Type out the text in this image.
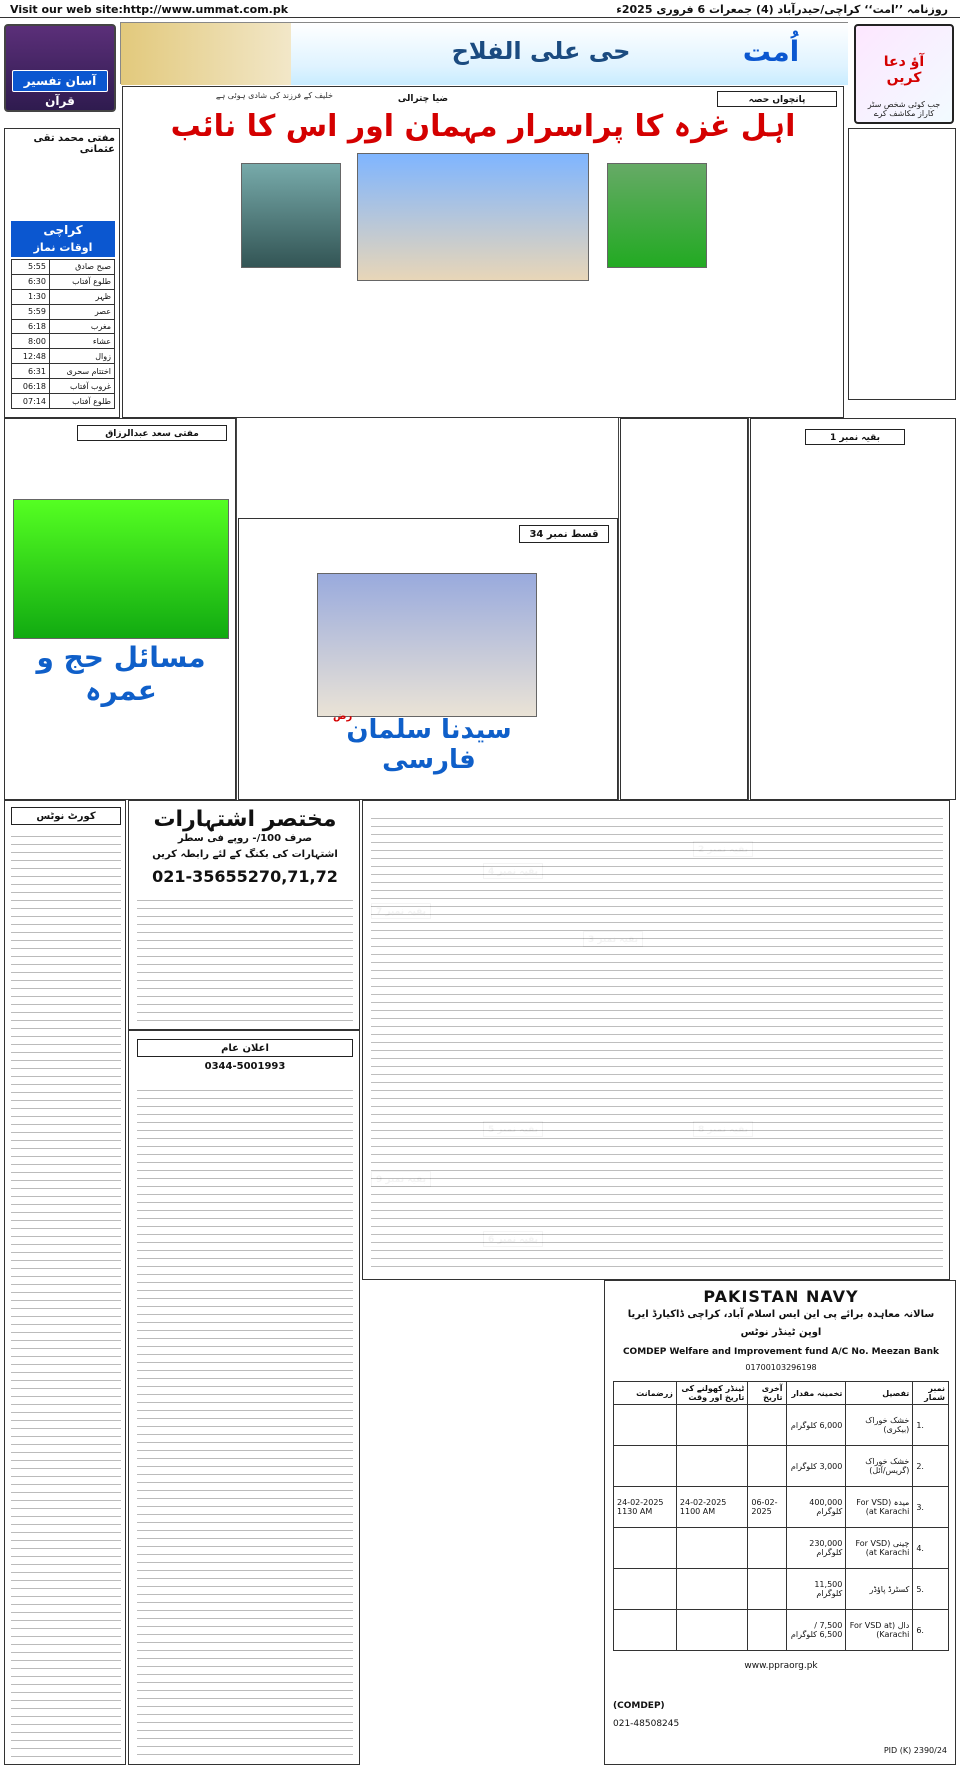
Visit our web site:http://www.ummat.com.pk	روزنامہ ’’امت‘‘ کراچی/حیدرآباد (4) جمعرات 6 فروری 2025ء
آسان تفسیر قرآن
حی علی الفلاح	اُمت	آؤ دعا کریں
جب کوئی شخص سٹر کاراز مکاشف کرے
مفتی محمد تقی عثمانی
کراچی
اوقات نماز
صبح صادق	5:55
طلوع آفتاب	6:30
ظہر	1:30
عصر	5:59
مغرب	6:18
عشاء	8:00
زوال	12:48
اختتام سحری	6:31
غروب آفتاب	06:18
طلوع آفتاب	07:14
پانچواں حصہ
ضیا چترالی
خلیف کے فرزند کی شادی ہوئی ہے
اہل غزہ کا پراسرار مہمان اور اس کا نائب
مفتی سعد عبدالرزاق
مسائل حج و عمرہ
قسط نمبر 34
سیدنا سلمان فارسی
رض
بقیہ نمبر 1
کورٹ نوٹس	مختصر اشتہارات
صرف 100/- روپے فی سطر
اشتہارات کی بکنگ کے لئے رابطہ کریں
021-35655270,71,72
اعلان عام
0344-5001993
PAKISTAN NAVY
سالانہ معاہدہ برائے پی این ایس اسلام آباد، کراچی ڈاکیارڈ ایریا
اوپن ٹینڈر نوٹس
COMDEP Welfare and Improvement fund A/C No. Meezan Bank
01700103296198
زرضمانت	ٹینڈر کھولنے کی تاریخ اور وقت	آخری تاریخ	تخمینہ مقدار	تفصیل	نمبر شمار
			6,000 کلوگرام	خشک خوراک (بیکری)	1.
			3,000 کلوگرام	خشک خوراک (گریس/آئل)	2.
24-02-2025 1130 AM	24-02-2025 1100 AM	06-02-2025	400,000 کلوگرام	میدہ (For VSD at Karachi)	3.
			230,000 کلوگرام	چینی (For VSD at Karachi)	4.
			11,500 کلوگرام	کسٹرڈ پاؤڈر	5.
			7,500 / 6,500 کلوگرام	دال (For VSD at Karachi)	6.
www.ppraorg.pk
(COMDEP)
021-48508245
PID (K) 2390/24
